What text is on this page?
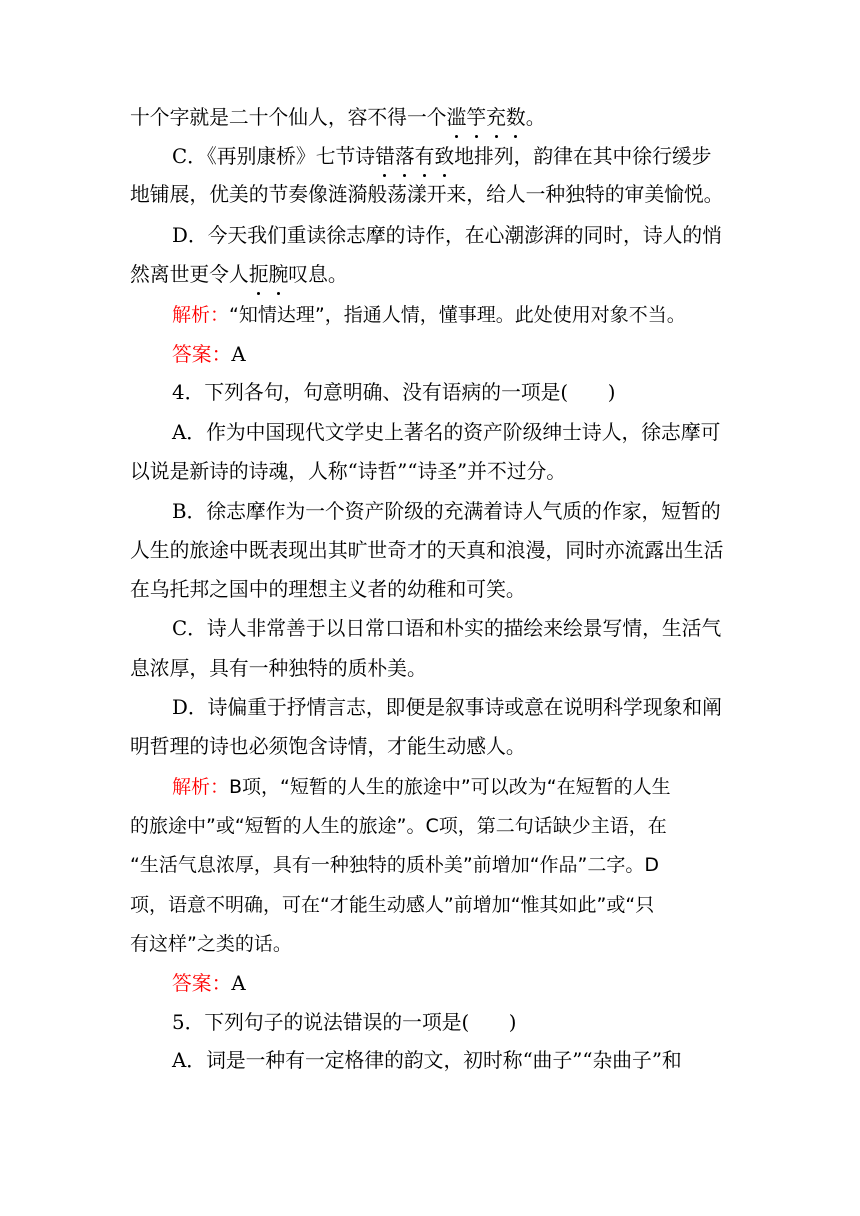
十个字就是二十个仙人，容不得一个滥竽充数。
C．《再别康桥》七节诗错落有致地排列，韵律在其中徐行缓步
地铺展，优美的节奏像涟漪般荡漾开来，给人一种独特的审美愉悦。
D．今天我们重读徐志摩的诗作，在心潮澎湃的同时，诗人的悄
然离世更令人扼腕叹息。
解析：“知情达理”，指通人情，懂事理。此处使用对象不当。
答案：A
4．下列各句，句意明确、没有语病的一项是(　　)
A．作为中国现代文学史上著名的资产阶级绅士诗人，徐志摩可
以说是新诗的诗魂，人称“诗哲”“诗圣”并不过分。
B．徐志摩作为一个资产阶级的充满着诗人气质的作家，短暂的
人生的旅途中既表现出其旷世奇才的天真和浪漫，同时亦流露出生活
在乌托邦之国中的理想主义者的幼稚和可笑。
C．诗人非常善于以日常口语和朴实的描绘来绘景写情，生活气
息浓厚，具有一种独特的质朴美。
D．诗偏重于抒情言志，即便是叙事诗或意在说明科学现象和阐
明哲理的诗也必须饱含诗情，才能生动感人。
解析：B项，“短暂的人生的旅途中”可以改为“在短暂的人生
的旅途中”或“短暂的人生的旅途”。C项，第二句话缺少主语，在
“生活气息浓厚，具有一种独特的质朴美”前增加“作品”二字。D
项，语意不明确，可在“才能生动感人”前增加“惟其如此”或“只
有这样”之类的话。
答案：A
5．下列句子的说法错误的一项是(　　)
A．词是一种有一定格律的韵文，初时称“曲子”“杂曲子”和
